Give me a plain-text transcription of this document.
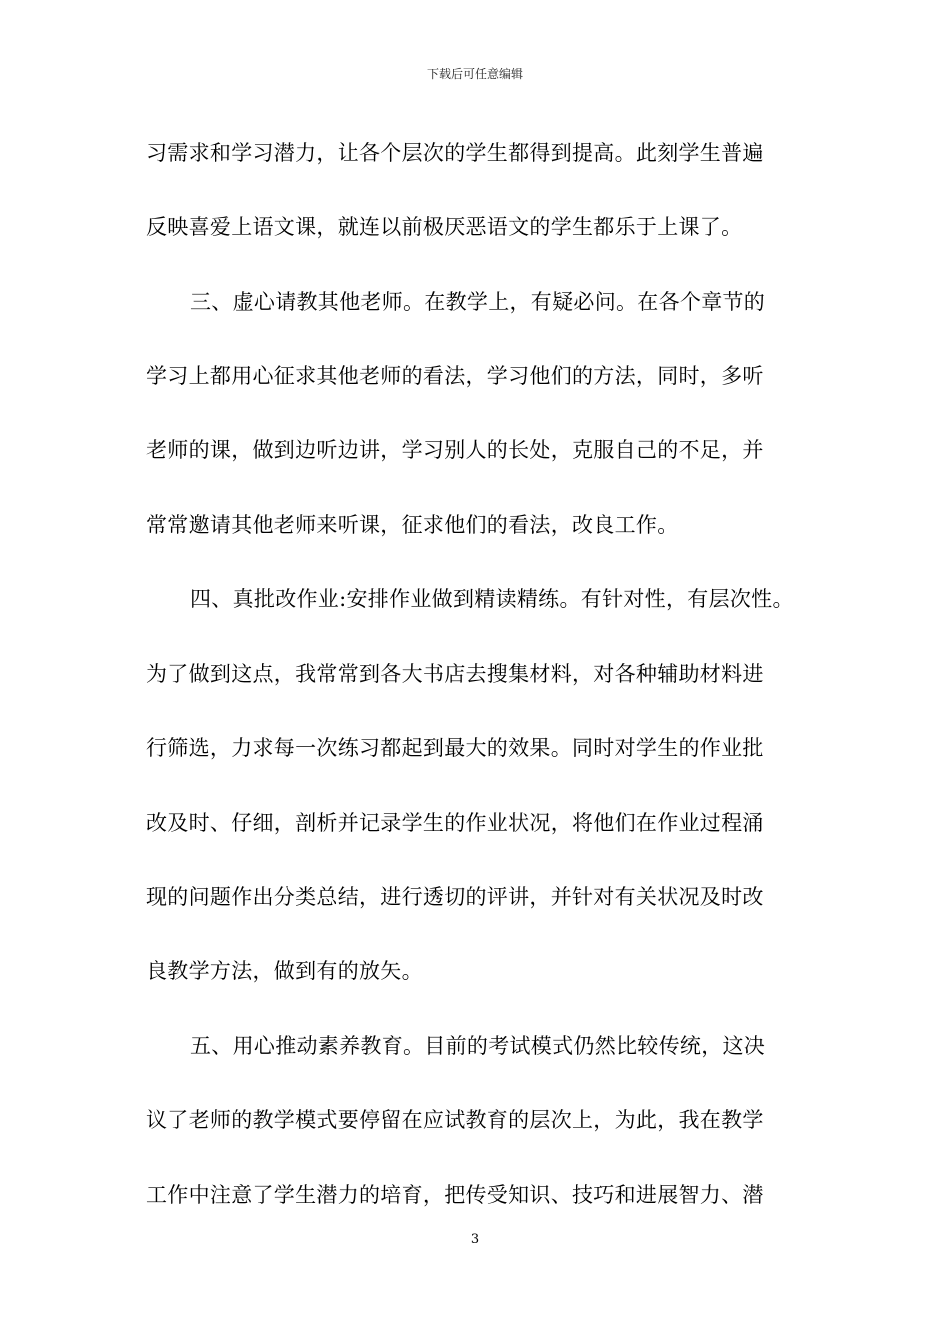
下载后可任意编辑
习需求和学习潜力，让各个层次的学生都得到提高。此刻学生普遍
反映喜爱上语文课，就连以前极厌恶语文的学生都乐于上课了。
三、虚心请教其他老师。在教学上，有疑必问。在各个章节的
学习上都用心征求其他老师的看法，学习他们的方法，同时，多听
老师的课，做到边听边讲，学习别人的长处，克服自己的不足，并
常常邀请其他老师来听课，征求他们的看法，改良工作。
四、真批改作业:安排作业做到精读精练。有针对性，有层次性。
为了做到这点，我常常到各大书店去搜集材料，对各种辅助材料进
行筛选，力求每一次练习都起到最大的效果。同时对学生的作业批
改及时、仔细，剖析并记录学生的作业状况，将他们在作业过程涌
现的问题作出分类总结，进行透切的评讲，并针对有关状况及时改
良教学方法，做到有的放矢。
五、用心推动素养教育。目前的考试模式仍然比较传统，这决
议了老师的教学模式要停留在应试教育的层次上，为此，我在教学
工作中注意了学生潜力的培育，把传受知识、技巧和进展智力、潜
3
